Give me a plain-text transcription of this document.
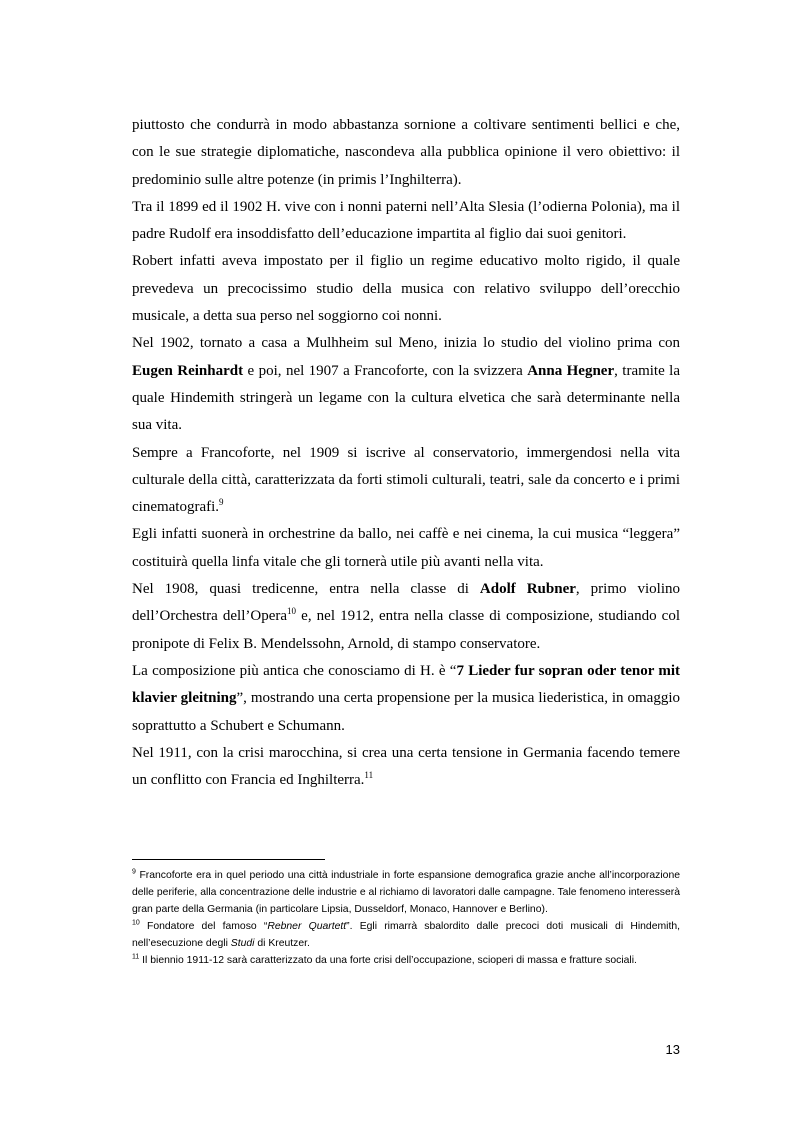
piuttosto che condurrà in modo abbastanza sornione a coltivare sentimenti bellici e che, con le sue strategie diplomatiche, nascondeva alla pubblica opinione il vero obiettivo: il predominio sulle altre potenze (in primis l’Inghilterra).

Tra il 1899 ed il 1902 H. vive con i nonni paterni nell’Alta Slesia (l’odierna Polonia), ma il padre Rudolf era insoddisfatto dell’educazione impartita al figlio dai suoi genitori.

Robert infatti aveva impostato per il figlio un regime educativo molto rigido, il quale prevedeva un precocissimo studio della musica con relativo sviluppo dell’orecchio musicale, a detta sua perso nel soggiorno coi nonni.

Nel 1902, tornato a casa a Mulhheim sul Meno, inizia lo studio del violino prima con Eugen Reinhardt e poi, nel 1907 a Francoforte, con la svizzera Anna Hegner, tramite la quale Hindemith stringerà un legame con la cultura elvetica che sarà determinante nella sua vita.

Sempre a Francoforte, nel 1909 si iscrive al conservatorio, immergendosi nella vita culturale della città, caratterizzata da forti stimoli culturali, teatri, sale da concerto e i primi cinematografi.$^9$

Egli infatti suonerà in orchestrine da ballo, nei caffè e nei cinema, la cui musica “leggera” costituirà quella linfa vitale che gli tornerà utile più avanti nella vita.

Nel 1908, quasi tredicenne, entra nella classe di Adolf Rubner, primo violino dell’Orchestra dell’Opera$^{10}$ e, nel 1912, entra nella classe di composizione, studiando col pronipote di Felix B. Mendelssohn, Arnold, di stampo conservatore.

La composizione più antica che conosciamo di H. è “7 Lieder fur sopran oder tenor mit klavier gleitning”, mostrando una certa propensione per la musica liederistica, in omaggio soprattutto a Schubert e Schumann.

Nel 1911, con la crisi marocchina, si crea una certa tensione in Germania facendo temere un conflitto con Francia ed Inghilterra.$^{11}$

$^9$ Francoforte era in quel periodo una città industriale in forte espansione demografica grazie anche all’incorporazione delle periferie, alla concentrazione delle industrie e al richiamo di lavoratori dalle campagne. Tale fenomeno interesserà gran parte della Germania (in particolare Lipsia, Dusseldorf, Monaco, Hannover e Berlino).

$^{10}$ Fondatore del famoso “Rebner Quartett”. Egli rimarrà sbalordito dalle precoci doti musicali di Hindemith, nell’esecuzione degli Studi di Kreutzer.

$^{11}$ Il biennio 1911-12 sarà caratterizzato da una forte crisi dell’occupazione, scioperi di massa e fratture sociali.

13
